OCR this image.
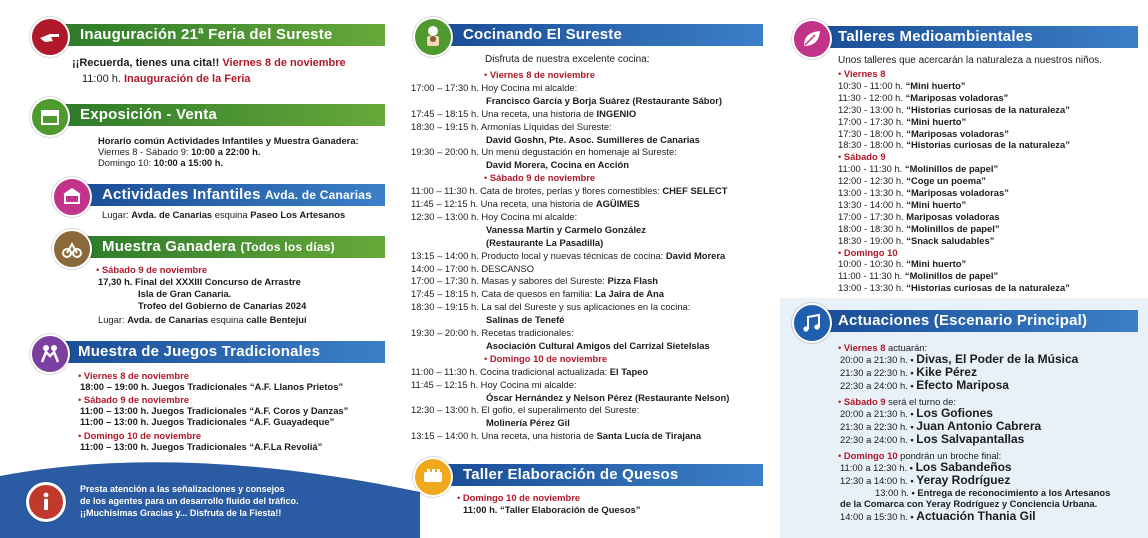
Inauguración 21ª Feria del Sureste
¡¡Recuerda, tienes una cita!! Viernes 8 de noviembre
11:00 h. Inauguración de la Feria
Exposición - Venta
Horario común Actividades Infantiles y Muestra Ganadera:
Viernes 8 - Sábado 9: 10:00 a 22:00 h.
Domingo 10: 10:00 a 15:00 h.
Actividades Infantiles Avda. de Canarias
Lugar: Avda. de Canarias esquina Paseo Los Artesanos
Muestra Ganadera (Todos los días)
• Sábado 9 de noviembre
17,30 h. Final del XXXIII Concurso de Arrastre
Isla de Gran Canaria.
Trofeo del Gobierno de Canarias 2024
Lugar: Avda. de Canarias esquina calle Bentejuí
Muestra de Juegos Tradicionales
• Viernes 8 de noviembre
18:00 – 19:00 h. Juegos Tradicionales “A.F. Llanos Prietos”
• Sábado 9 de noviembre
11:00 – 13:00 h. Juegos Tradicionales “A.F. Coros y Danzas”
11:00 – 13:00 h. Juegos Tradicionales “A.F. Guayadeque”
• Domingo 10 de noviembre
11:00 – 13:00 h. Juegos Tradicionales “A.F.La Revoliá”
Presta atención a las señalizaciones y consejos
de los agentes para un desarrollo fluido del tráfico.
¡¡Muchísimas Gracias y... Disfruta de la Fiesta!!
Cocinando El Sureste
Disfruta de nuestra excelente cocina:
• Viernes 8 de noviembre
17:00 – 17:30 h. Hoy Cocina mi alcalde:
Francisco García y Borja Suárez (Restaurante Sábor)
17:45 – 18:15 h. Una receta, una historia de INGENIO
18:30 – 19:15 h. Armonías Líquidas del Sureste:
David Goshn, Pte. Asoc. Sumilleres de Canarias
19:30 – 20:00 h. Un menú degustación en homenaje al Sureste:
David Morera, Cocina en Acción
• Sábado 9 de noviembre
11:00 – 11:30 h. Cata de brotes, perlas y flores comestibles: CHEF SELECT
11:45 – 12:15 h. Una receta, una historia de AGÜIMES
12:30 – 13:00 h. Hoy Cocina mi alcalde:
Vanessa Martín y Carmelo González
(Restaurante La Pasadilla)
13:15 – 14:00 h. Producto local y nuevas técnicas de cocina: David Morera
14:00 – 17:00 h. DESCANSO
17:00 – 17:30 h. Masas y sabores del Sureste: Pizza Flash
17:45 – 18:15 h. Cata de quesos en familia: La Jaira de Ana
18:30 – 19:15 h. La sal del Sureste y sus aplicaciones en la cocina:
Salinas de Tenefé
19:30 – 20:00 h. Recetas tradicionales:
Asociación Cultural Amigos del Carrizal SieteIslas
• Domingo 10 de noviembre
11:00 – 11:30 h. Cocina tradicional actualizada: El Tapeo
11:45 – 12:15 h. Hoy Cocina mi alcalde:
Óscar Hernández y Nelson Pérez (Restaurante Nelson)
12:30 – 13:00 h. El gofio, el superalimento del Sureste:
Molinería Pérez Gil
13:15 – 14:00 h. Una receta, una historia de Santa Lucía de Tirajana
Taller Elaboración de Quesos
• Domingo 10 de noviembre
11:00 h. “Taller Elaboración de Quesos”
Talleres Medioambientales
Unos talleres que acercarán la naturaleza a nuestros niños.
• Viernes 8
10:30 - 11:00 h. “Mini huerto”
11:30 - 12:00 h. “Mariposas voladoras”
12:30 - 13:00 h. “Historias curiosas de la naturaleza”
17:00 - 17:30 h. “Mini huerto”
17:30 - 18:00 h. “Mariposas voladoras”
18:30 - 18:00 h. “Historias curiosas de la naturaleza”
• Sábado 9
11:00 - 11:30 h. “Molinillos de papel”
12:00 - 12:30 h. “Coge un poema”
13:00 - 13:30 h. “Mariposas voladoras”
13:30 - 14:00 h. “Mini huerto”
17:00 - 17:30 h. Mariposas voladoras
18:00 - 18:30 h. “Molinillos de papel”
18:30 - 19:00 h. “Snack saludables”
• Domingo 10
10:00 - 10:30 h. “Mini huerto”
11:00 - 11:30 h. “Molinillos de papel”
13:00 - 13:30 h. “Historias curiosas de la naturaleza”
Actuaciones (Escenario Principal)
• Viernes 8 actuarán:
20:00 a 21:30 h. • Divas, El Poder de la Música
21:30 a 22:30 h. • Kike Pérez
22:30 a 24:00 h. • Efecto Mariposa
• Sábado 9 será el turno de:
20:00 a 21:30 h. • Los Gofiones
21:30 a 22:30 h. • Juan Antonio Cabrera
22:30 a 24:00 h. • Los Salvapantallas
• Domingo 10 pondrán un broche final:
11:00 a 12:30 h. • Los Sabandeños
12:30 a 14:00 h. • Yeray Rodríguez
13:00 h. • Entrega de reconocimiento a los Artesanos
de la Comarca con Yeray Rodríguez y Conciencia Urbana.
14:00 a 15:30 h. • Actuación Thania Gil
